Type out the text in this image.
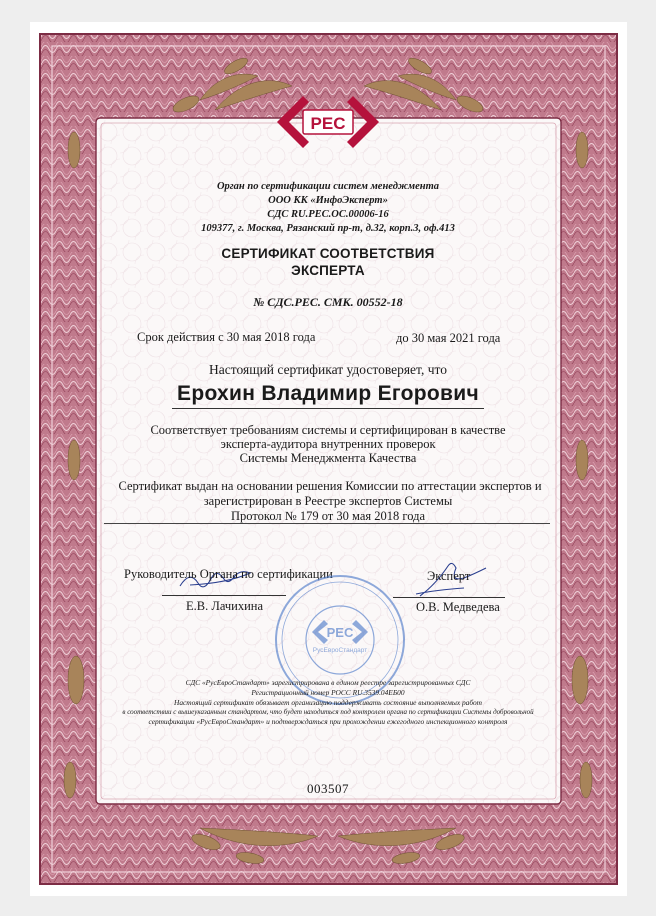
РЕС

Орган по сертификации систем менеджмента

ООО КК «ИнфоЭксперт»

СДС RU.PEC.OC.00006-16

109377, г. Москва, Рязанский пр-т, д.32, корп.3, оф.413

СЕРТИФИКАТ СООТВЕТСТВИЯ

ЭКСПЕРТА

№ СДС.РЕС. СМК. 00552-18

Срок действия с 30 мая 2018 года	до 30 мая 2021 года

Настоящий сертификат удостоверяет, что

Ерохин Владимир Егорович

Соответствует требованиям системы и сертифицирован в качестве

эксперта-аудитора внутренних проверок

Системы Менеджмента Качества

Сертификат выдан на основании решения Комиссии по аттестации экспертов и

зарегистрирован в Реестре экспертов Системы

Протокол № 179 от 30 мая 2018 года

Руководитель Органа по сертификации

Е.В. Лачихина

Эксперт

О.В. Медведева

РЕС
РусЕвроСтандарт

СДС «РусЕвроСтандарт» зарегистрирована в едином реестре зарегистрированных СДС

Регистрационный номер РОСС RU.3539.04ЕБ00

Настоящий сертификат обязывает организацию поддерживать состояние выполняемых работ

в соответствии с вышеуказанным стандартом, что будет находиться под контролем органа по сертификации Системы добровольной

сертификации «РусЕвроСтандарт» и подтверждаться при прохождении ежегодного инспекционного контроля

003507
